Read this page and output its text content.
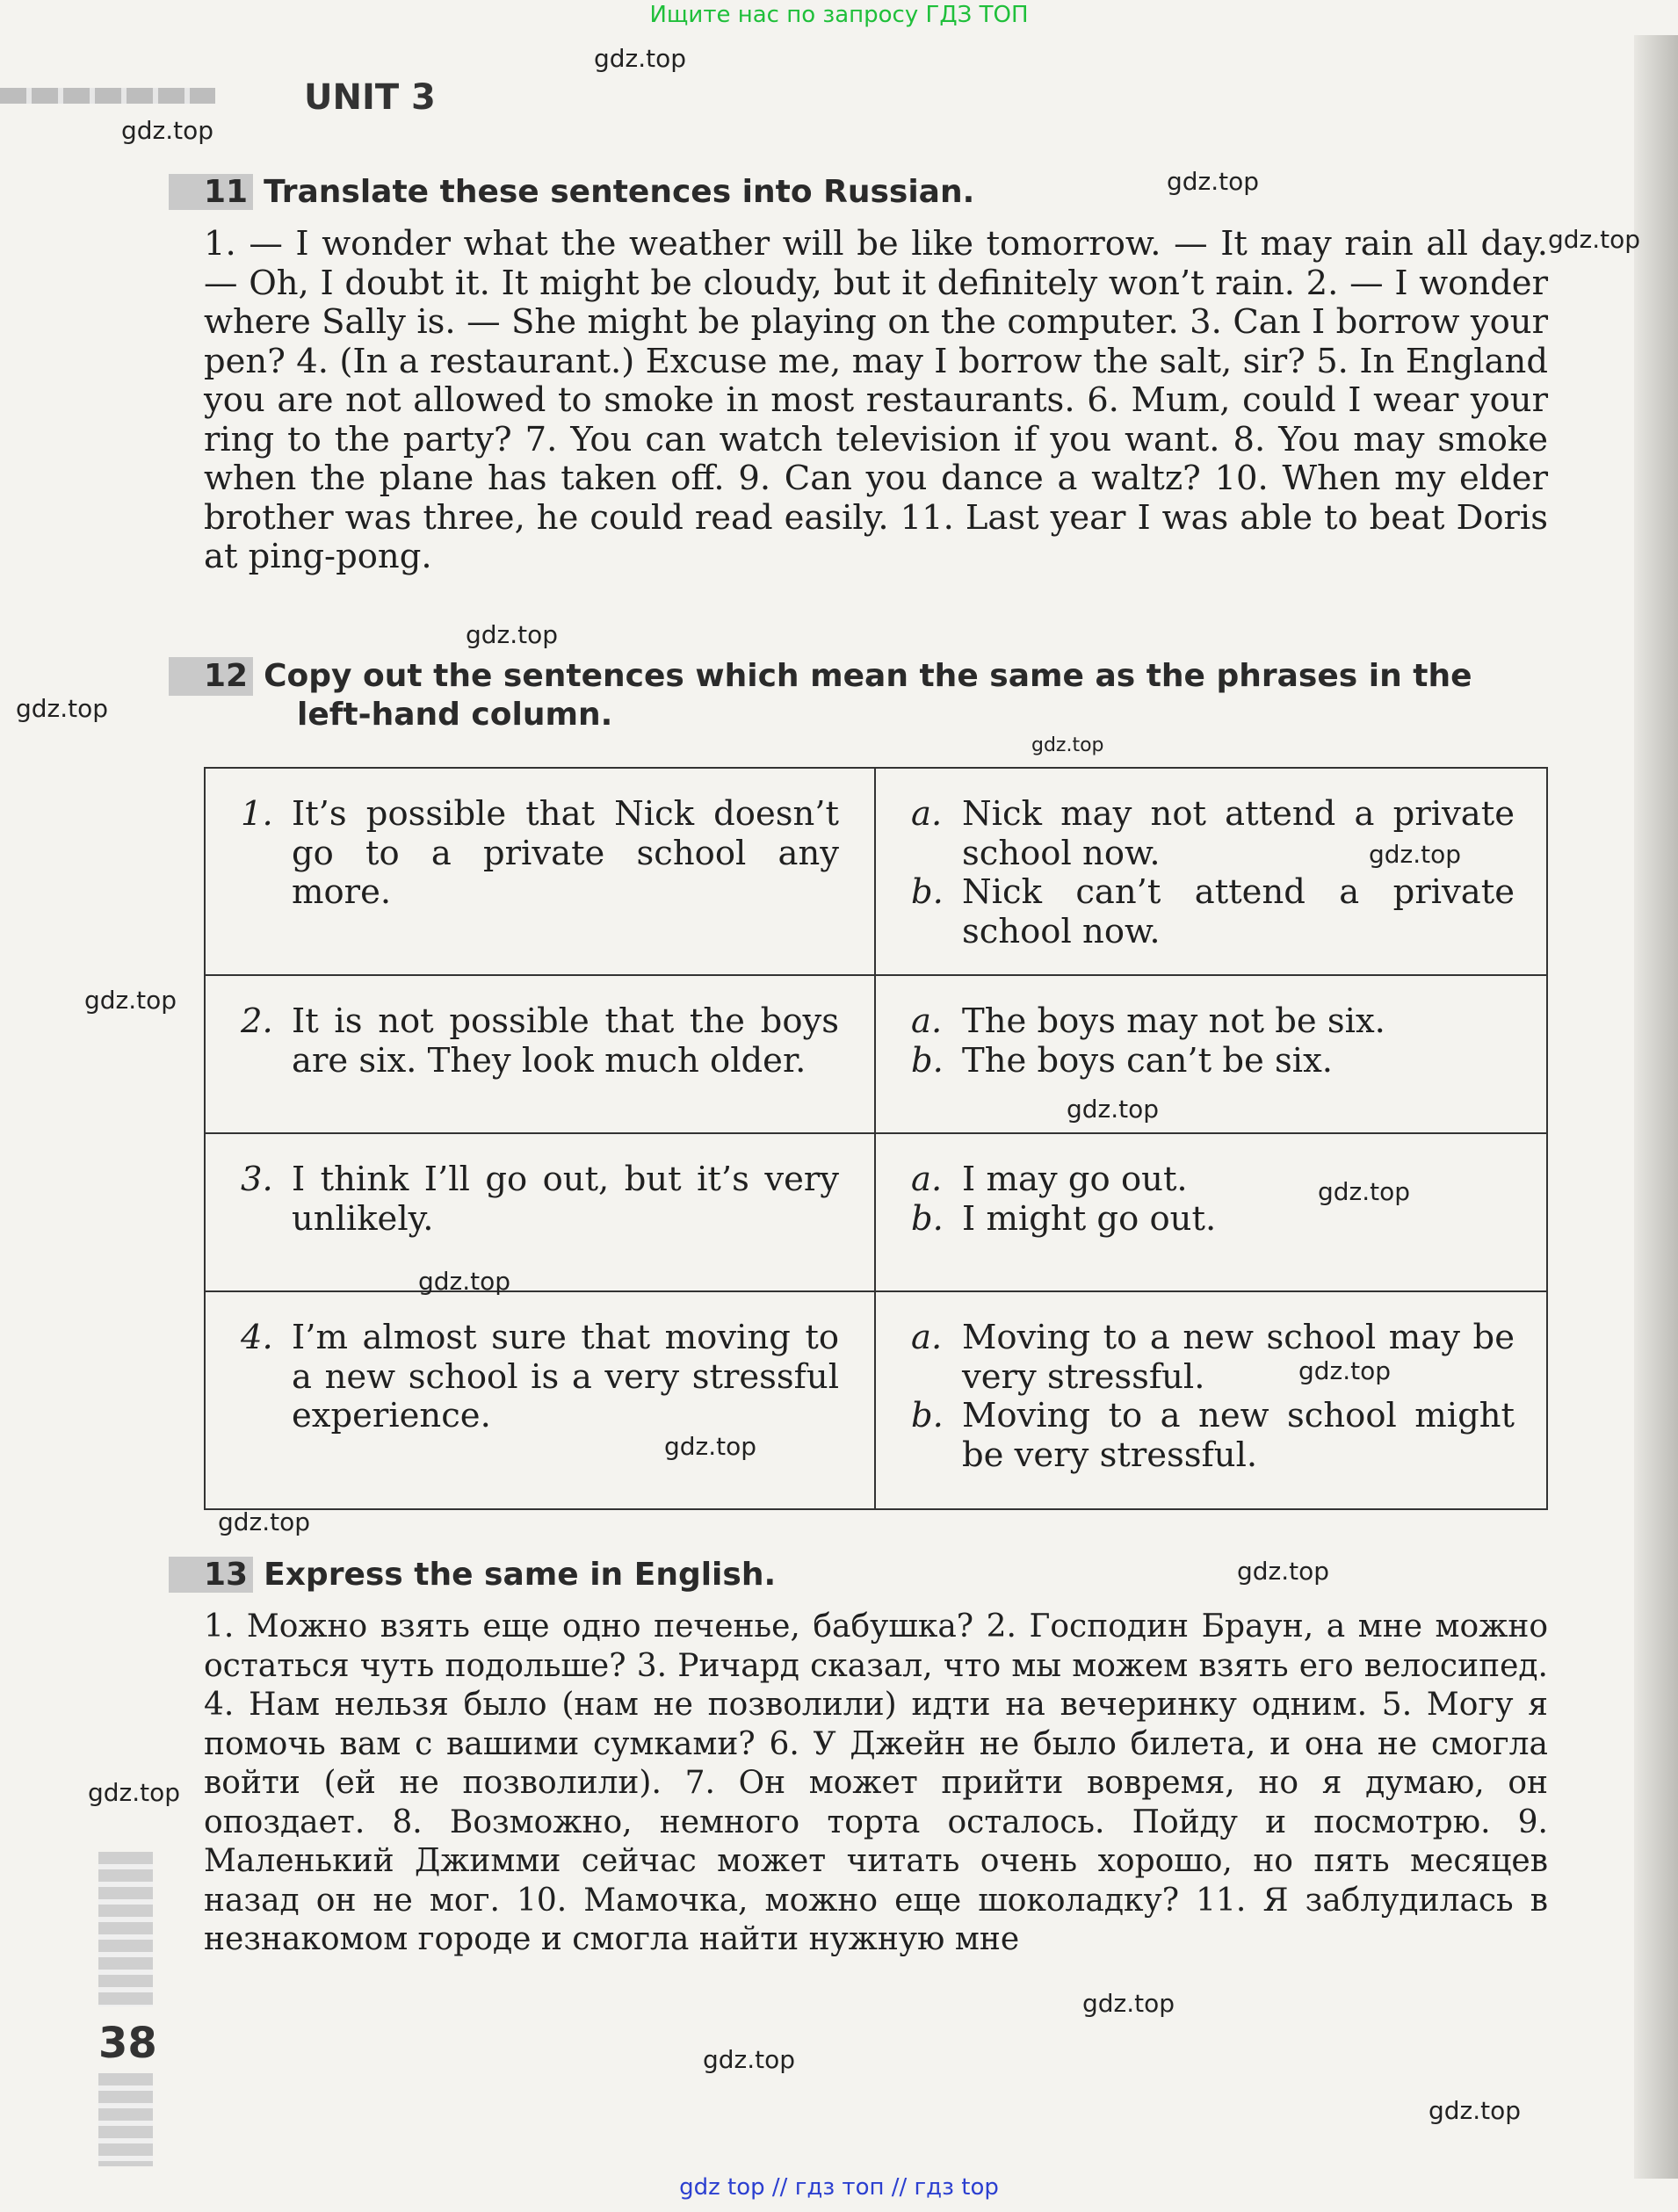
Ищите нас по запросу ГДЗ ТОП
UNIT 3
11 Translate these sentences into Russian.
1. — I wonder what the weather will be like tomorrow. — It may rain all day. — Oh, I doubt it. It might be cloudy, but it definitely won’t rain. 2. — I wonder where Sally is. — She might be playing on the computer. 3. Can I borrow your pen? 4. (In a restaurant.) Excuse me, may I borrow the salt, sir? 5. In England you are not allowed to smoke in most restaurants. 6. Mum, could I wear your ring to the party? 7. You can watch television if you want. 8. You may smoke when the plane has taken off. 9. Can you dance a waltz? 10. When my elder brother was three, he could read easily. 11. Last year I was able to beat Doris at ping-pong.
12 Copy out the sentences which mean the same as the phrases in the
left-hand column.
1. It’s possible that Nick doesn’t go to a private school any more.
a. Nick may not attend a private school now.
b. Nick can’t attend a private school now.
2. It is not possible that the boys are six. They look much older.
a. The boys may not be six.
b. The boys can’t be six.
3. I think I’ll go out, but it’s very unlikely.
a. I may go out.
b. I might go out.
4. I’m almost sure that moving to a new school is a very stressful experience.
a. Moving to a new school may be very stressful.
b. Moving to a new school might be very stressful.
13 Express the same in English.
1. Можно взять еще одно печенье, бабушка? 2. Господин Браун, а мне можно остаться чуть подольше? 3. Ричард сказал, что мы можем взять его велосипед. 4. Нам нельзя было (нам не позволили) идти на вечеринку одним. 5. Могу я помочь вам с вашими сумками? 6. У Джейн не было билета, и она не смогла войти (ей не позволили). 7. Он может прийти вовремя, но я думаю, он опоздает. 8. Возможно, немного торта осталось. Пойду и посмотрю. 9. Маленький Джимми сейчас может читать очень хорошо, но пять месяцев назад он не мог. 10. Мамочка, можно еще шоколадку? 11. Я заблудилась в незнакомом городе и смогла найти нужную мне
38
gdz.top
gdz.top
gdz.top
gdz.top
gdz.top
gdz.top
gdz.top
gdz.top
gdz.top
gdz.top
gdz.top
gdz.top
gdz.top
gdz.top
gdz.top
gdz.top
gdz.top
gdz.top
gdz.top
gdz.top
gdz top // гдз топ // гдз top
